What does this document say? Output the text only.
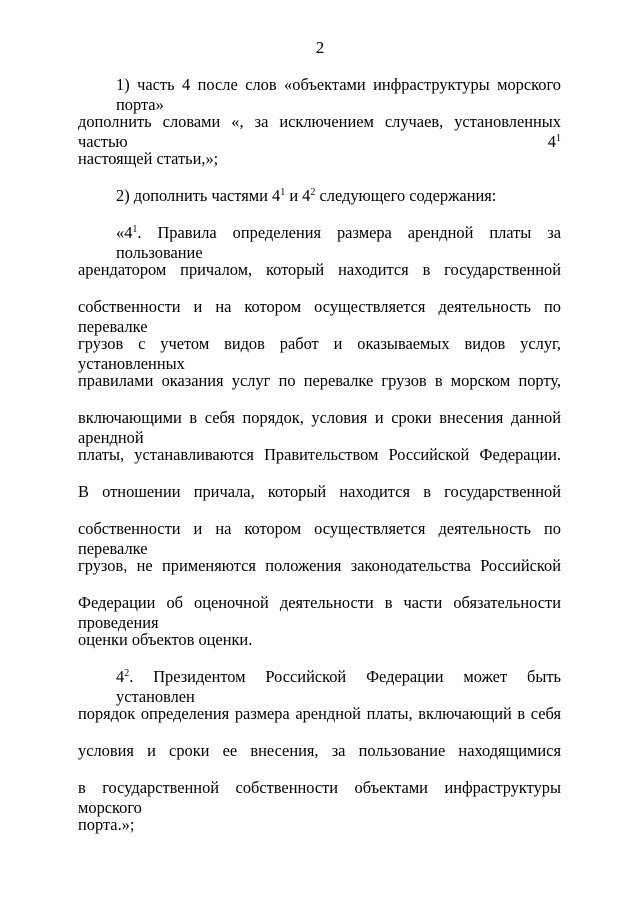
2
1) часть 4 после слов «объектами инфраструктуры морского порта»
дополнить словами «, за исключением случаев, установленных частью $4^1$
настоящей статьи,»;
2) дополнить частями $4^1$ и $4^2$ следующего содержания:
«$4^1$. Правила определения размера арендной платы за пользование
арендатором причалом, который находится в государственной
собственности и на котором осуществляется деятельность по перевалке
грузов с учетом видов работ и оказываемых видов услуг, установленных
правилами оказания услуг по перевалке грузов в морском порту,
включающими в себя порядок, условия и сроки внесения данной арендной
платы, устанавливаются Правительством Российской Федерации.
В отношении причала, который находится в государственной
собственности и на котором осуществляется деятельность по перевалке
грузов, не применяются положения законодательства Российской
Федерации об оценочной деятельности в части обязательности проведения
оценки объектов оценки.
$4^2$. Президентом Российской Федерации может быть установлен
порядок определения размера арендной платы, включающий в себя
условия и сроки ее внесения, за пользование находящимися
в государственной собственности объектами инфраструктуры морского
порта.»;
